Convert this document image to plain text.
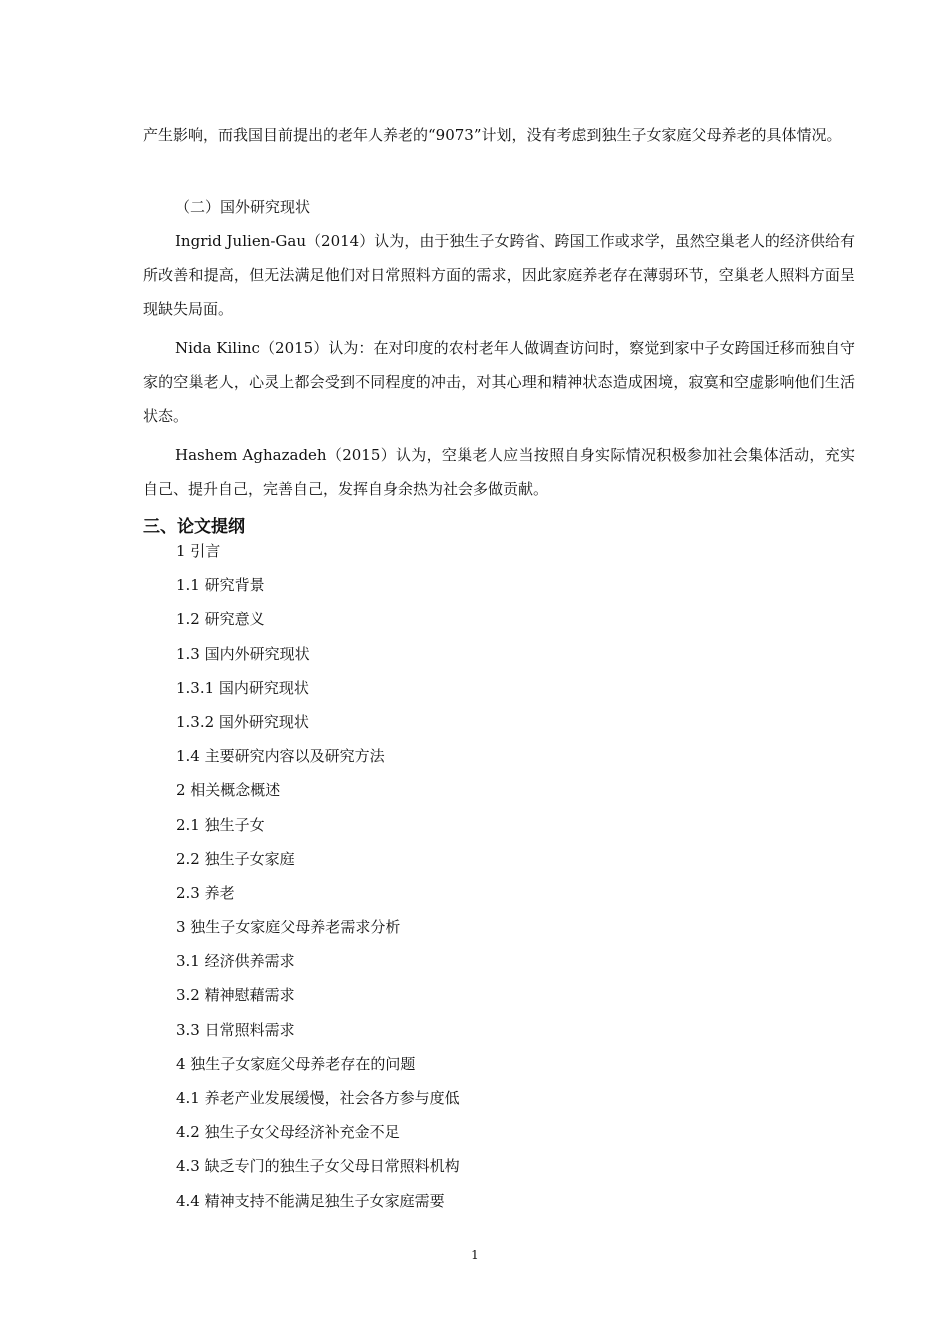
产生影响，而我国目前提出的老年人养老的“9073”计划，没有考虑到独生子女家庭父母养老的具体情况。

（二）国外研究现状

Ingrid Julien-Gau（2014）认为，由于独生子女跨省、跨国工作或求学，虽然空巢老人的经济供给有所改善和提高，但无法满足他们对日常照料方面的需求，因此家庭养老存在薄弱环节，空巢老人照料方面呈现缺失局面。

Nida Kilinc（2015）认为：在对印度的农村老年人做调查访问时，察觉到家中子女跨国迁移而独自守家的空巢老人，心灵上都会受到不同程度的冲击，对其心理和精神状态造成困境，寂寞和空虚影响他们生活状态。

Hashem Aghazadeh（2015）认为，空巢老人应当按照自身实际情况积极参加社会集体活动，充实自己、提升自己，完善自己，发挥自身余热为社会多做贡献。

三、论文提纲
1 引言
1.1 研究背景
1.2 研究意义
1.3 国内外研究现状
1.3.1 国内研究现状
1.3.2 国外研究现状
1.4 主要研究内容以及研究方法
2 相关概念概述
2.1 独生子女
2.2 独生子女家庭
2.3 养老
3 独生子女家庭父母养老需求分析
3.1 经济供养需求
3.2 精神慰藉需求
3.3 日常照料需求
4 独生子女家庭父母养老存在的问题
4.1 养老产业发展缓慢，社会各方参与度低
4.2 独生子女父母经济补充金不足
4.3 缺乏专门的独生子女父母日常照料机构
4.4 精神支持不能满足独生子女家庭需要

1
